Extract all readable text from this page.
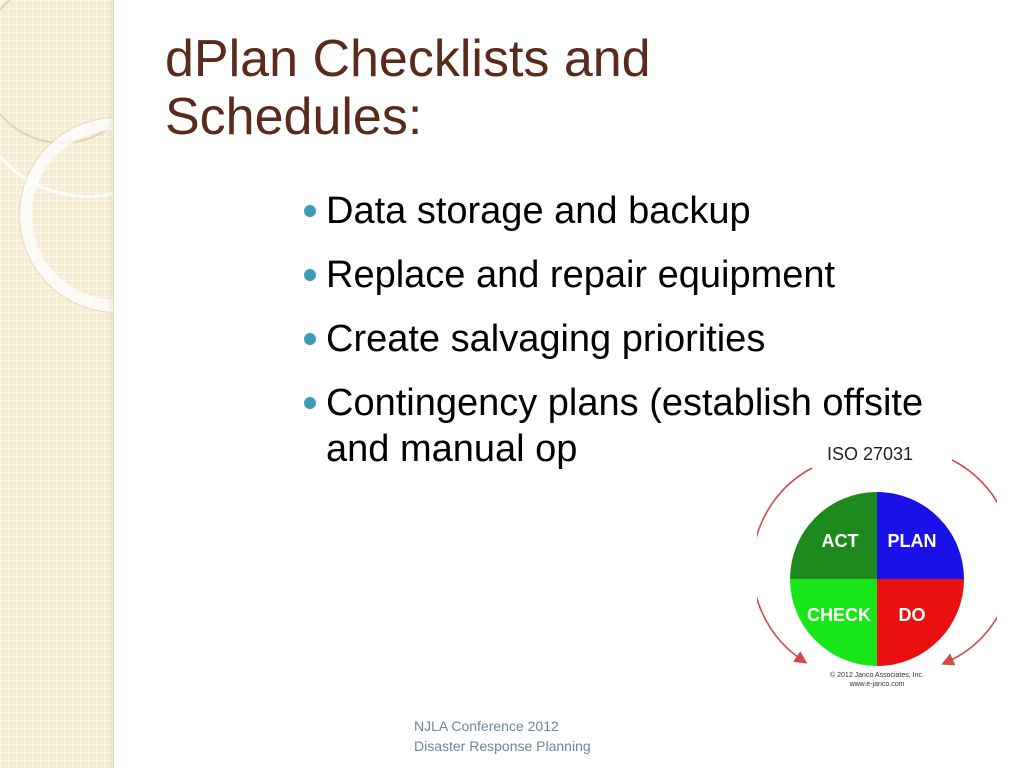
dPlan Checklists and
Schedules:
Data storage and backup
Replace and repair equipment
Create salvaging priorities
Contingency plans (establish offsite and manual op	ISO 27031
ACT PLAN
CHECK DO
© 2012 Janco Associates, Inc.
www.e-janco.com
NJLA Conference 2012
Disaster Response Planning
